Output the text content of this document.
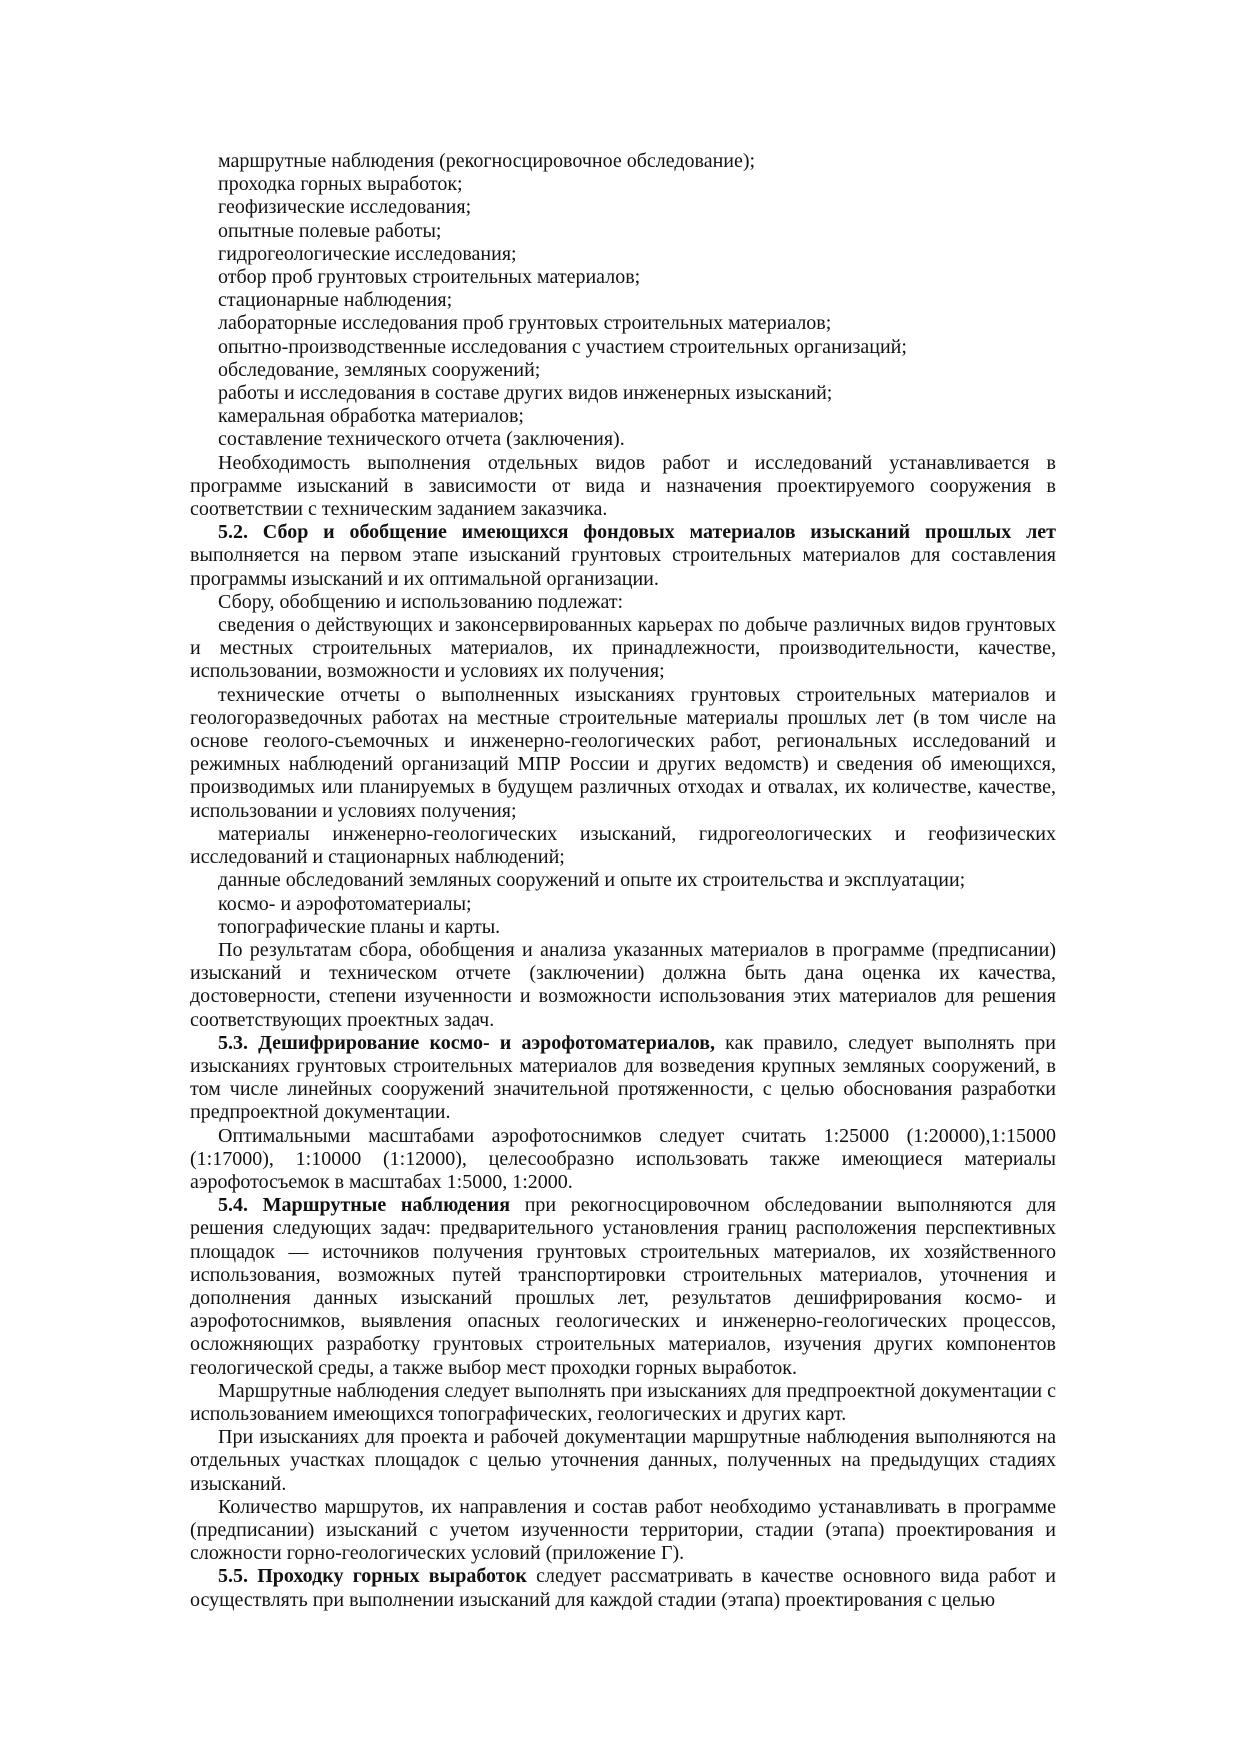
маршрутные наблюдения (рекогносцировочное обследование);
проходка горных выработок;
геофизические исследования;
опытные полевые работы;
гидрогеологические исследования;
отбор проб грунтовых строительных материалов;
стационарные наблюдения;
лабораторные исследования проб грунтовых строительных материалов;
опытно-производственные исследования с участием строительных организаций;
обследование, земляных сооружений;
работы и исследования в составе других видов инженерных изысканий;
камеральная обработка материалов;
составление технического отчета (заключения).

Необходимость выполнения отдельных видов работ и исследований устанавливается в программе изысканий в зависимости от вида и назначения проектируемого сооружения в соответствии с техническим заданием заказчика.

5.2. Сбор и обобщение имеющихся фондовых материалов изысканий прошлых лет выполняется на первом этапе изысканий грунтовых строительных материалов для составления программы изысканий и их оптимальной организации.

Сбору, обобщению и использованию подлежат:

сведения о действующих и законсервированных карьерах по добыче различных видов грунтовых и местных строительных материалов, их принадлежности, производительности, качестве, использовании, возможности и условиях их получения;

технические отчеты о выполненных изысканиях грунтовых строительных материалов и геологоразведочных работах на местные строительные материалы прошлых лет (в том числе на основе геолого-съемочных и инженерно-геологических работ, региональных исследований и режимных наблюдений организаций МПР России и других ведомств) и сведения об имеющихся, производимых или планируемых в будущем различных отходах и отвалах, их количестве, качестве, использовании и условиях получения;

материалы инженерно-геологических изысканий, гидрогеологических и геофизических исследований и стационарных наблюдений;

данные обследований земляных сооружений и опыте их строительства и эксплуатации;
космо- и аэрофотоматериалы;
топографические планы и карты.

По результатам сбора, обобщения и анализа указанных материалов в программе (предписании) изысканий и техническом отчете (заключении) должна быть дана оценка их качества, достоверности, степени изученности и возможности использования этих материалов для решения соответствующих проектных задач.

5.3. Дешифрирование космо- и аэрофотоматериалов, как правило, следует выполнять при изысканиях грунтовых строительных материалов для возведения крупных земляных сооружений, в том числе линейных сооружений значительной протяженности, с целью обоснования разработки предпроектной документации.

Оптимальными масштабами аэрофотоснимков следует считать 1:25000 (1:20000),1:15000 (1:17000), 1:10000 (1:12000), целесообразно использовать также имеющиеся материалы аэрофотосъемок в масштабах 1:5000, 1:2000.

5.4. Маршрутные наблюдения при рекогносцировочном обследовании выполняются для решения следующих задач: предварительного установления границ расположения перспективных площадок — источников получения грунтовых строительных материалов, их хозяйственного использования, возможных путей транспортировки строительных материалов, уточнения и дополнения данных изысканий прошлых лет, результатов дешифрирования космо- и аэрофотоснимков, выявления опасных геологических и инженерно-геологических процессов, осложняющих разработку грунтовых строительных материалов, изучения других компонентов геологической среды, а также выбор мест проходки горных выработок.

Маршрутные наблюдения следует выполнять при изысканиях для предпроектной документации с использованием имеющихся топографических, геологических и других карт.

При изысканиях для проекта и рабочей документации маршрутные наблюдения выполняются на отдельных участках площадок с целью уточнения данных, полученных на предыдущих стадиях изысканий.

Количество маршрутов, их направления и состав работ необходимо устанавливать в программе (предписании) изысканий с учетом изученности территории, стадии (этапа) проектирования и сложности горно-геологических условий (приложение Г).

5.5. Проходку горных выработок следует рассматривать в качестве основного вида работ и осуществлять при выполнении изысканий для каждой стадии (этапа) проектирования с целью
